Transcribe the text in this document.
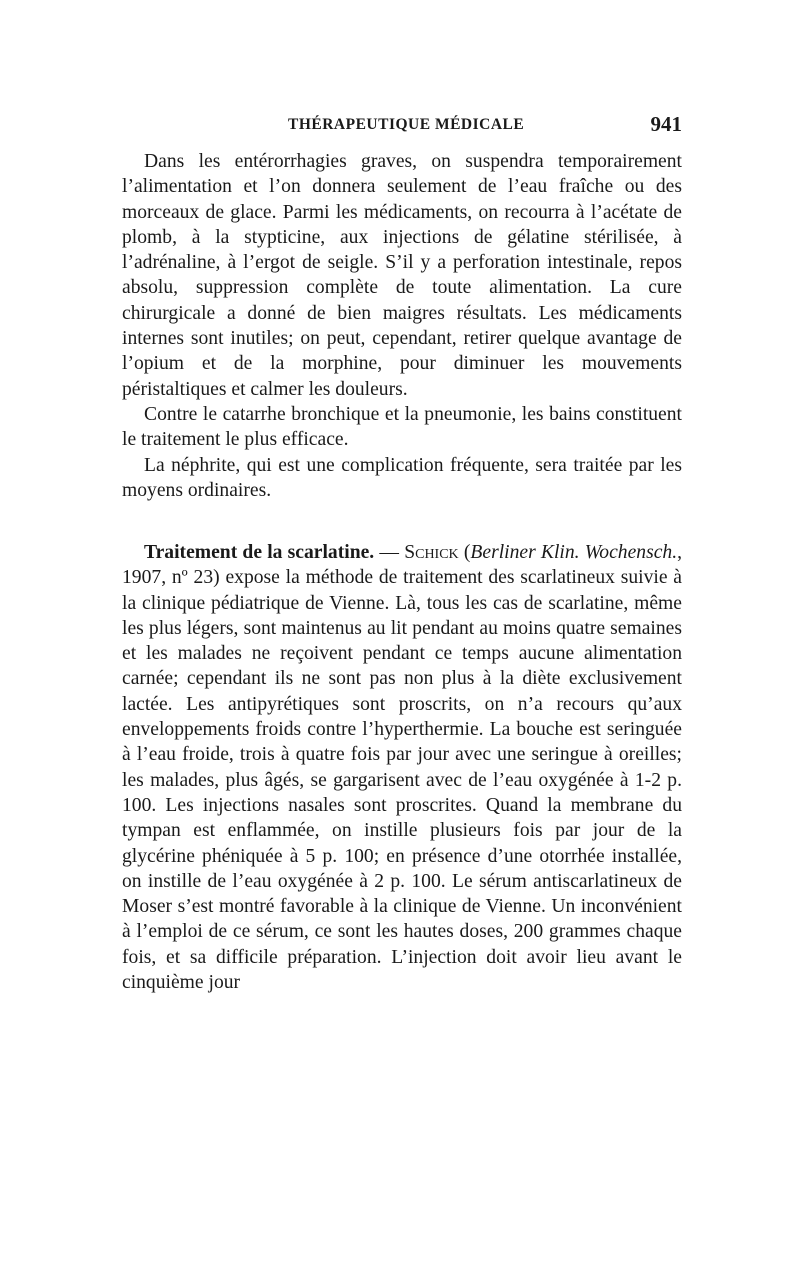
THÉRAPEUTIQUE MÉDICALE	941

Dans les entérorrhagies graves, on suspendra temporairement l’alimentation et l’on donnera seulement de l’eau fraîche ou des morceaux de glace. Parmi les médicaments, on recourra à l’acétate de plomb, à la stypticine, aux injections de gélatine stérilisée, à l’adrénaline, à l’ergot de seigle. S’il y a perforation intestinale, repos absolu, suppression complète de toute alimentation. La cure chirurgicale a donné de bien maigres résultats. Les médicaments internes sont inutiles; on peut, cependant, retirer quelque avantage de l’opium et de la morphine, pour diminuer les mouvements péristaltiques et calmer les douleurs.

Contre le catarrhe bronchique et la pneumonie, les bains constituent le traitement le plus efficace.

La néphrite, qui est une complication fréquente, sera traitée par les moyens ordinaires.

Traitement de la scarlatine. — Schick (Berliner Klin. Wochensch., 1907, nº 23) expose la méthode de traitement des scarlatineux suivie à la clinique pédiatrique de Vienne. Là, tous les cas de scarlatine, même les plus légers, sont maintenus au lit pendant au moins quatre semaines et les malades ne reçoivent pendant ce temps aucune alimentation carnée; cependant ils ne sont pas non plus à la diète exclusivement lactée. Les antipyrétiques sont proscrits, on n’a recours qu’aux enveloppements froids contre l’hyperthermie. La bouche est seringuée à l’eau froide, trois à quatre fois par jour avec une seringue à oreilles; les malades, plus âgés, se gargarisent avec de l’eau oxygénée à 1-2 p. 100. Les injections nasales sont proscrites. Quand la membrane du tympan est enflammée, on instille plusieurs fois par jour de la glycérine phéniquée à 5 p. 100; en présence d’une otorrhée installée, on instille de l’eau oxygénée à 2 p. 100. Le sérum antiscarlatineux de Moser s’est montré favorable à la clinique de Vienne. Un inconvénient à l’emploi de ce sérum, ce sont les hautes doses, 200 grammes chaque fois, et sa difficile préparation. L’injection doit avoir lieu avant le cinquième jour
